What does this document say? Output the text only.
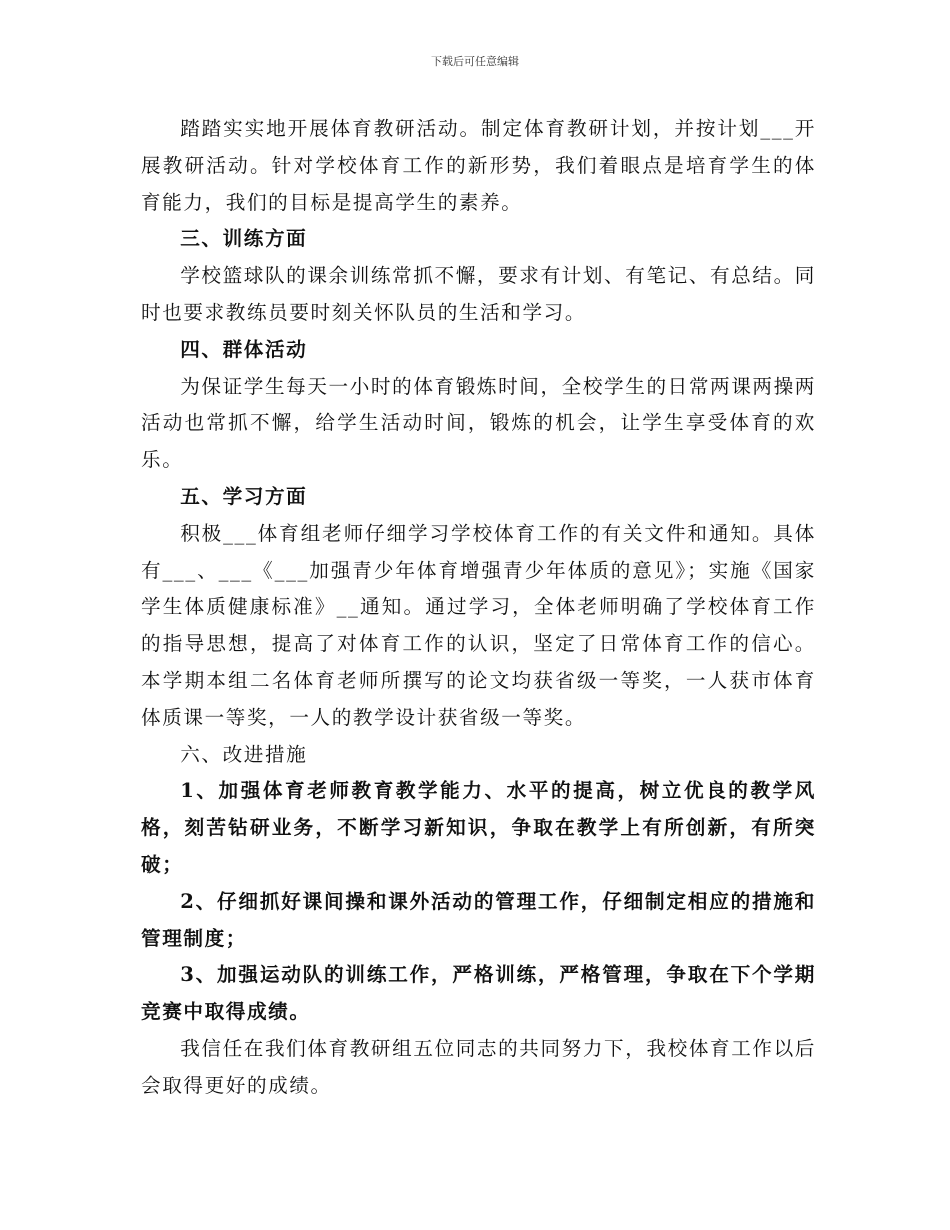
下载后可任意编辑

踏踏实实地开展体育教研活动。制定体育教研计划，并按计划___开展教研活动。针对学校体育工作的新形势，我们着眼点是培育学生的体育能力，我们的目标是提高学生的素养。

三、训练方面

学校篮球队的课余训练常抓不懈，要求有计划、有笔记、有总结。同时也要求教练员要时刻关怀队员的生活和学习。

四、群体活动

为保证学生每天一小时的体育锻炼时间，全校学生的日常两课两操两活动也常抓不懈，给学生活动时间，锻炼的机会，让学生享受体育的欢乐。

五、学习方面

积极___体育组老师仔细学习学校体育工作的有关文件和通知。具体有___、___《___加强青少年体育增强青少年体质的意见》；实施《国家学生体质健康标准》__通知。通过学习，全体老师明确了学校体育工作的指导思想，提高了对体育工作的认识，坚定了日常体育工作的信心。本学期本组二名体育老师所撰写的论文均获省级一等奖，一人获市体育体质课一等奖，一人的教学设计获省级一等奖。

六、改进措施

1、加强体育老师教育教学能力、水平的提高，树立优良的教学风格，刻苦钻研业务，不断学习新知识，争取在教学上有所创新，有所突破；

2、仔细抓好课间操和课外活动的管理工作，仔细制定相应的措施和管理制度；

3、加强运动队的训练工作，严格训练，严格管理，争取在下个学期竞赛中取得成绩。

我信任在我们体育教研组五位同志的共同努力下，我校体育工作以后会取得更好的成绩。
